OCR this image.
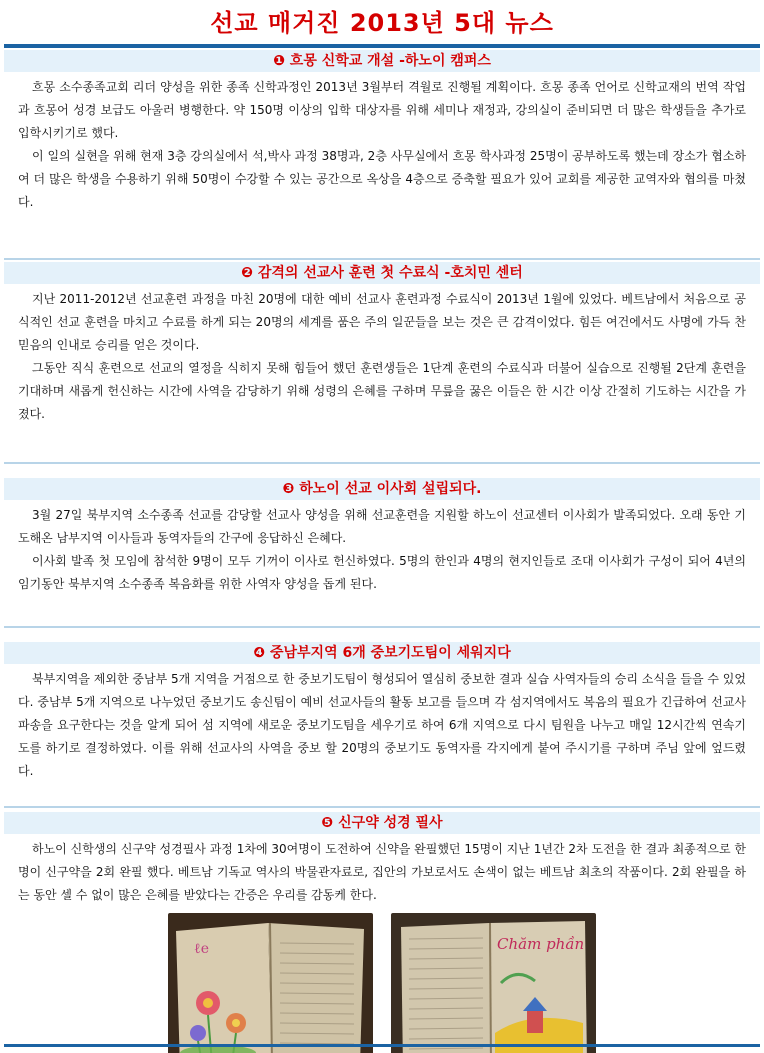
선교 매거진 2013년 5대 뉴스
❶ 흐몽 신학교 개설 -하노이 캠퍼스

흐몽 소수종족교회 리더 양성을 위한 종족 신학과정인 2013년 3월부터 격월로 진행될 계획이다. 흐몽 종족 언어로 신학교재의 번역 작업과 흐몽어 성경 보급도 아울러 병행한다. 약 150명 이상의 입학 대상자를 위해 세미나 재정과, 강의실이 준비되면 더 많은 학생들을 추가로 입학시키기로 했다.

이 일의 실현을 위해 현재 3층 강의실에서 석,박사 과정 38명과, 2층 사무실에서 흐몽 학사과정 25명이 공부하도록 했는데 장소가 협소하여 더 많은 학생을 수용하기 위해 50명이 수강할 수 있는 공간으로 옥상을 4층으로 증축할 필요가 있어 교회를 제공한 교역자와 협의를 마쳤다.

❷ 감격의 선교사 훈련 첫 수료식 -호치민 센터

지난 2011-2012년 선교훈련 과정을 마친 20명에 대한 예비 선교사 훈련과정 수료식이 2013년 1월에 있었다. 베트남에서 처음으로 공식적인 선교 훈련을 마치고 수료를 하게 되는 20명의 세계를 품은 주의 일꾼들을 보는 것은 큰 감격이었다. 힘든 여건에서도 사명에 가득 찬 믿음의 인내로 승리를 얻은 것이다.

그동안 직식 훈련으로 선교의 열정을 식히지 못해 힘들어 했던 훈련생들은 1단계 훈련의 수료식과 더불어 실습으로 진행될 2단계 훈련을 기대하며 새롭게 헌신하는 시간에 사역을 감당하기 위해 성령의 은혜를 구하며 무릎을 꿇은 이들은 한 시간 이상 간절히 기도하는 시간을 가졌다.

❸ 하노이 선교 이사회 설립되다.

3월 27일 북부지역 소수종족 선교를 감당할 선교사 양성을 위해 선교훈련을 지원할 하노이 선교센터 이사회가 발족되었다. 오래 동안 기도해온 남부지역 이사들과 동역자들의 간구에 응답하신 은혜다.

이사회 발족 첫 모임에 참석한 9명이 모두 기꺼이 이사로 헌신하였다. 5명의 한인과 4명의 현지인들로 조대 이사회가 구성이 되어 4년의 임기동안 북부지역 소수종족 복음화를 위한 사역자 양성을 돕게 된다.

❹ 중남부지역 6개 중보기도팀이 세워지다

북부지역을 제외한 중남부 5개 지역을 거점으로 한 중보기도팀이 형성되어 열심히 중보한 결과 실습 사역자들의 승리 소식을 들을 수 있었다. 중남부 5개 지역으로 나누었던 중보기도 송신팀이 예비 선교사들의 활동 보고를 들으며 각 섬지역에서도 복음의 필요가 긴급하여 선교사 파송을 요구한다는 것을 알게 되어 섬 지역에 새로운 중보기도팀을 세우기로 하여 6개 지역으로 다시 팀원을 나누고 매일 12시간씩 연속기도를 하기로 결정하였다. 이를 위해 선교사의 사역을 중보 할 20명의 중보기도 동역자를 각지에게 붙여 주시기를 구하며 주님 앞에 엎드렸다.

❺ 신구약 성경 필사

하노이 신학생의 신구약 성경필사 과정 1차에 30여명이 도전하여 신약을 완필했던 15명이 지난 1년간 2차 도전을 한 결과 최종적으로 한명이 신구약을 2회 완필 했다. 베트남 기독교 역사의 박물관자료로, 집안의 가보로서도 손색이 없는 베트남 최초의 작품이다. 2회 완필을 하는 동안 셀 수 없이 많은 은혜를 받았다는 간증은 우리를 감동케 한다.

ℓe	Chăm phần
